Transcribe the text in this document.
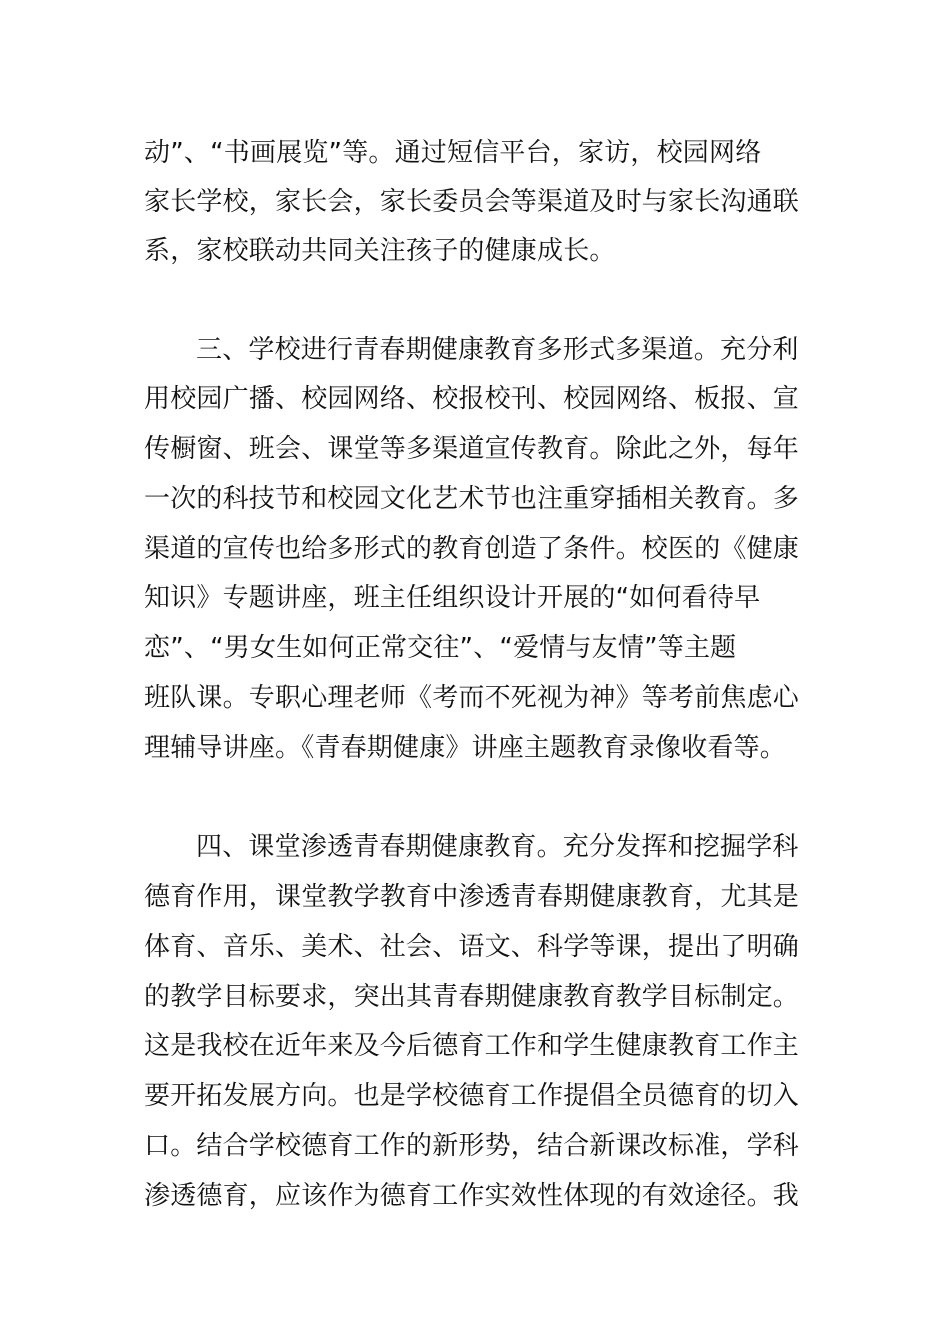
动”、“书画展览”等。通过短信平台，家访，校园网络
家长学校，家长会，家长委员会等渠道及时与家长沟通联
系，家校联动共同关注孩子的健康成长。
三、学校进行青春期健康教育多形式多渠道。充分利
用校园广播、校园网络、校报校刊、校园网络、板报、宣
传橱窗、班会、课堂等多渠道宣传教育。除此之外，每年
一次的科技节和校园文化艺术节也注重穿插相关教育。多
渠道的宣传也给多形式的教育创造了条件。校医的《健康
知识》专题讲座，班主任组织设计开展的“如何看待早
恋”、“男女生如何正常交往”、“爱情与友情”等主题
班队课。专职心理老师《考而不死视为神》等考前焦虑心
理辅导讲座。《青春期健康》讲座主题教育录像收看等。
四、课堂渗透青春期健康教育。充分发挥和挖掘学科
德育作用，课堂教学教育中渗透青春期健康教育，尤其是
体育、音乐、美术、社会、语文、科学等课，提出了明确
的教学目标要求，突出其青春期健康教育教学目标制定。
这是我校在近年来及今后德育工作和学生健康教育工作主
要开拓发展方向。也是学校德育工作提倡全员德育的切入
口。结合学校德育工作的新形势，结合新课改标准，学科
渗透德育，应该作为德育工作实效性体现的有效途径。我
